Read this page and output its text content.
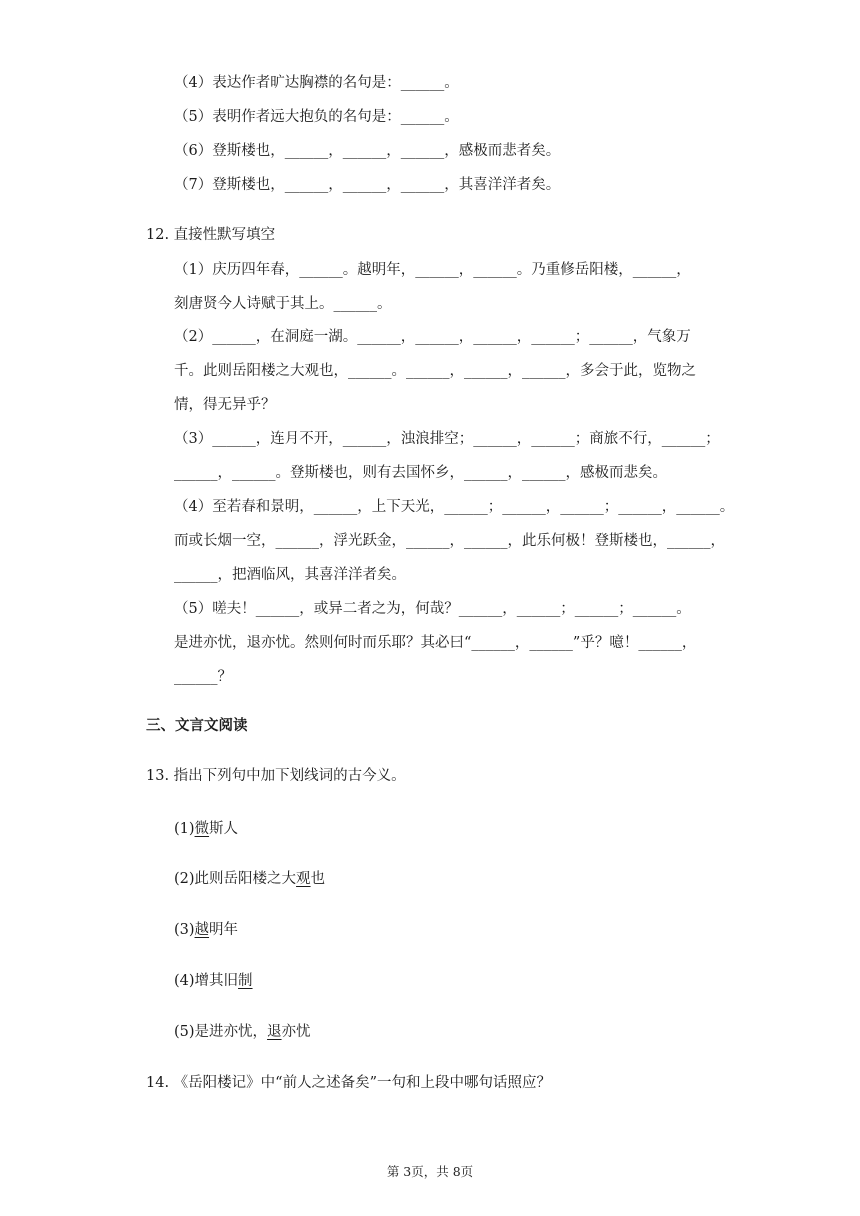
（4）表达作者旷达胸襟的名句是：______。
（5）表明作者远大抱负的名句是：______。
（6）登斯楼也，______，______，______，感极而悲者矣。
（7）登斯楼也，______，______，______，其喜洋洋者矣。
12. 直接性默写填空
（1）庆历四年春，______。越明年，______，______。乃重修岳阳楼，______，
刻唐贤今人诗赋于其上。______。
（2）______，在洞庭一湖。______，______，______，______；______，气象万
千。此则岳阳楼之大观也，______。______，______，______，多会于此，览物之
情，得无异乎？
（3）______，连月不开，______，浊浪排空；______，______；商旅不行，______；
______，______。登斯楼也，则有去国怀乡，______，______，感极而悲矣。
（4）至若春和景明，______，上下天光，______；______，______；______，______。
而或长烟一空，______，浮光跃金，______，______，此乐何极！登斯楼也，______，
______，把酒临风，其喜洋洋者矣。
（5）嗟夫！______，或异二者之为，何哉？______，______；______；______。
是进亦忧，退亦忧。然则何时而乐耶？其必曰“______，______”乎？噫！______，
______？
三、文言文阅读
13. 指出下列句中加下划线词的古今义。
(1)微斯人
(2)此则岳阳楼之大观也
(3)越明年
(4)增其旧制
(5)是进亦忧，退亦忧
14. 《岳阳楼记》中“前人之述备矣”一句和上段中哪句话照应？
第 3页，共 8页
